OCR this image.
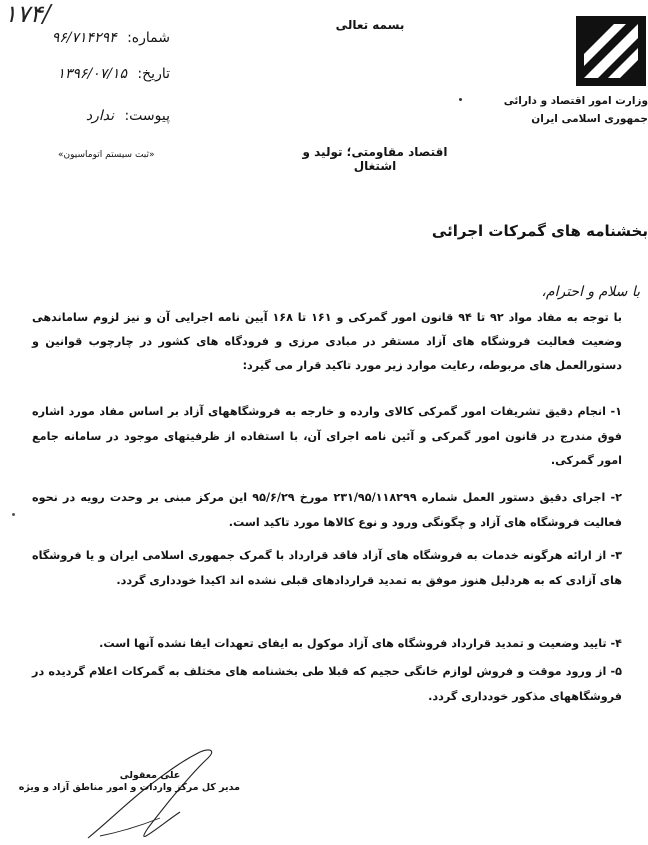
۱۷۴/
شماره: ۹۶/۷۱۴۲۹۴
تاریخ: ۱۳۹۶/۰۷/۱۵
پیوست: ندارد
«ثبت سیستم اتوماسیون»
بسمه تعالی
اقتصاد مقاومتی؛ تولید و اشتغال
وزارت امور اقتصاد و دارائی
جمهوری اسلامی ایران
بخشنامه های گمرکات اجرائی
با سلام و احترام،
با توجه به مفاد مواد ۹۲ تا ۹۴ قانون امور گمرکی و ۱۶۱ تا ۱۶۸ آیین نامه اجرایی آن و نیز لزوم ساماندهی وضعیت فعالیت فروشگاه های آزاد مستقر در مبادی مرزی و فرودگاه های کشور در چارچوب قوانین و دستورالعمل های مربوطه، رعایت موارد زیر مورد تاکید قرار می گیرد:
۱- انجام دقیق تشریفات امور گمرکی کالای وارده و خارجه به فروشگاههای آزاد بر اساس مفاد مورد اشاره فوق مندرج در قانون امور گمرکی و آئین نامه اجرای آن، با استفاده از ظرفیتهای موجود در سامانه جامع امور گمرکی.
۲- اجرای دقیق دستور العمل شماره ۲۳۱/۹۵/۱۱۸۲۹۹ مورخ ۹۵/۶/۲۹ این مرکز مبنی بر وحدت رویه در نحوه فعالیت فروشگاه های آزاد و چگونگی ورود و نوع کالاها مورد تاکید است.
۳- از ارائه هرگونه خدمات به فروشگاه های آزاد فاقد قرارداد با گمرک جمهوری اسلامی ایران و یا فروشگاه های آزادی که به هردلیل هنوز موفق به تمدید قراردادهای قبلی نشده اند اکیدا خودداری گردد.
۴- تایید وضعیت و تمدید قرارداد فروشگاه های آزاد موکول به ایفای تعهدات ایفا نشده آنها است.
۵- از ورود موقت و فروش لوازم خانگی حجیم که قبلا طی بخشنامه های مختلف به گمرکات اعلام گردیده در فروشگاههای مذکور خودداری گردد.
علی معقولی
مدیر کل مرکز واردات و امور مناطق آزاد و ویژه
